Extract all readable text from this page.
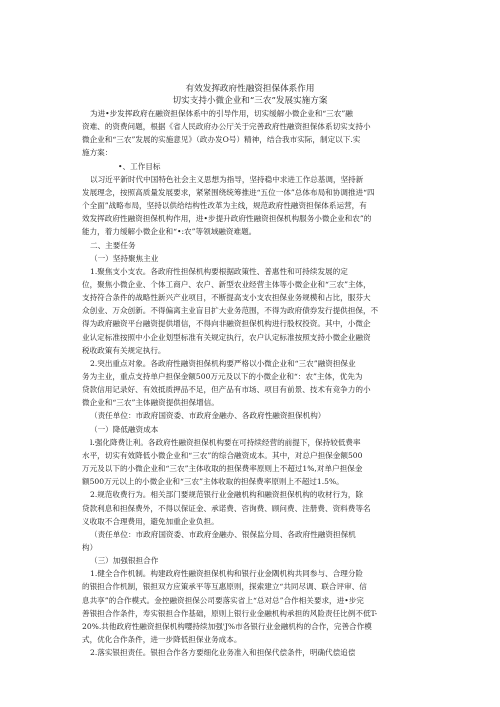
有效发挥政府性融资担保体系作用
切实支持小微企业和“三农”发展实施方案
为进•步发挥政府在融资担保体系中的引导作用，切实缓解小微企业和“三农”融
资难、的资费问题，根据《省人民政府办公厅关于完善政府性融资担保体系切实支持小
微企业和“三农”发展的实施意见》（政办发O号）精神，结合我市实际，制定以下.实
施方案：
•、工作目标
以习近平新时代中国特色社会主义思想为指导，坚持稳中求进工作总基调，坚持新
发展理念，按照高质量发展要求，紧紧围绕统筹推进“五位一体”总体布局和协调推进“四
个全面”战略布局，坚持以供给结构性改革为主线，规范政府性融资担保体系运营，有
效发挥政府性融资担保机构作用，进•步提升政府性融资担保机构服务小微企业和农”的
能力，着力缓解小微企业和“•:农”等领域融资难题。
二、主要任务
（一）坚持聚焦主业
1.聚焦支小支农。各政府性担保机构要根据政策性、普惠性和可持续发展的定
位，聚焦小微企业、个体工商户、农户、新型农业经营主体等小微企业和“三农”主体，
支持符合条件的战略性新兴产业项目，不断提高支小支农担保业务规模和占比，服芬大
众创业、万众创新。不得偏离主业盲目扩大业务范围，不得为政府债券发行提供担保，不
得为政府融资平台融资提供增信，不得向非融资担保机构进行股权投资。其中，小微企
业认定标准按照中小企业划型标准有关规定执行，农户认定标准按照支持小微企业融资
税收政策有关规定执行。
2.突出重点对象。各政府性融资担保机构要严格以小微企业和“三农”融资担保业
务为主业，重点支持单户担保金额500万元及以下的小微企业和“：农”主体，优先为
贷款信用记录好、有效抵质押品不足，但产品有市场、项目有前景、技术有竞争力的小
微企业和“三农”主体融资提供担保增信。
（责任单位：市政府国资委、市政府金融办、各政府性融资担保机构）
（一）降低融资成本
l.强化降费让利。各政府性融资担保机构要在可持续经营的前提下，保持较低费率
水平，切实有效降低小微企业和“三农”的综合融资成本。其中，对总户担保金额500
万元及以下的小微企业和“三农”主体收取的担保费率原则上不超过1%,对单户担保金
额500万元以上的小微企业和“三农”主体收取的担保费率原则上不超过1.5%。
2.规范收费行为。相关部门要规范银行业金融机构和融资担保机构的收材行为，除
贷款利息和担保费外，不得以保证金、承诺费、咨询费、顾问费、注册费、资料费等名
义收取不合理费用，避免加重企业负担。
（责任单位：市政府国资委、市政府金融办、银保监分局、各政府性融资担保机
构）
（三）加强银担合作
1.健全合作机制。构建政府性融资担保机构和银行业金隅机构共同参与、合理分险
的银担合作机制，银担双方应策承平等互惠原则，探索建立“共同尽调、联合评审、信
息共享”的合作模式。金控融资担保公司要落实省上“总对总”合作相关要求，进•步完
善银担合作条件，寿实银担合作基础，原则上银行业金融机构承担的风险责任比例不低T-
20%.共他政府性融资担保机构嘤持续加强'J%市各银行业金融机构的合作，完善合作模
式，优化合作条件，进一步降低担保业务成本。
2.落实银担责任。银担合作各方要细化业务准入和担保代偿条件，明确代偿追偿
